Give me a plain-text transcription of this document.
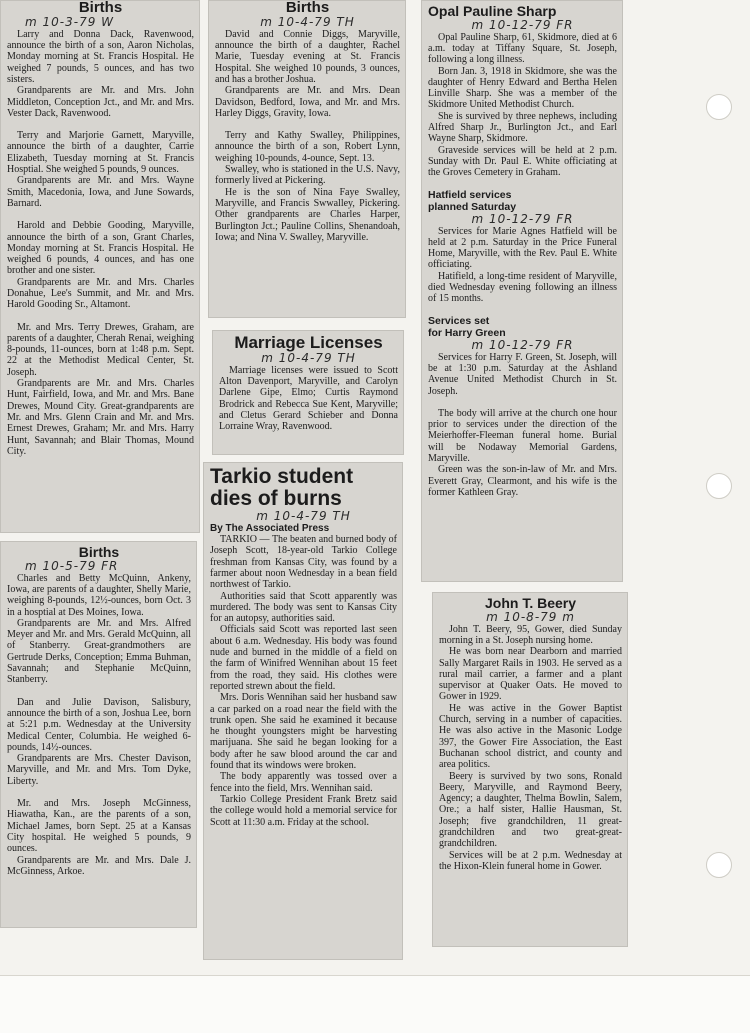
Births

m 10-3-79 W

Larry and Donna Dack, Ravenwood, announce the birth of a son, Aaron Nicholas, Monday morning at St. Francis Hospital. He weighed 7 pounds, 5 ounces, and has two sisters.

Grandparents are Mr. and Mrs. John Middleton, Conception Jct., and Mr. and Mrs. Vester Dack, Ravenwood.

Terry and Marjorie Garnett, Maryville, announce the birth of a daughter, Carrie Elizabeth, Tuesday morning at St. Francis Hosptial. She weighed 5 pounds, 9 ounces.

Grandparents are Mr. and Mrs. Wayne Smith, Macedonia, Iowa, and June Sowards, Barnard.

Harold and Debbie Gooding, Maryville, announce the birth of a son, Grant Charles, Monday morning at St. Francis Hospital. He weighed 6 pounds, 4 ounces, and has one brother and one sister.

Grandparents are Mr. and Mrs. Charles Donahue, Lee's Summit, and Mr. and Mrs. Harold Gooding Sr., Altamont.

Mr. and Mrs. Terry Drewes, Graham, are parents of a daughter, Cherah Renai, weighing 8-pounds, 11-ounces, born at 1:48 p.m. Sept. 22 at the Methodist Medical Center, St. Joseph.

Grandparents are Mr. and Mrs. Charles Hunt, Fairfield, Iowa, and Mr. and Mrs. Bane Drewes, Mound City. Great-grandparents are Mr. and Mrs. Glenn Crain and Mr. and Mrs. Ernest Drewes, Graham; Mr. and Mrs. Harry Hunt, Savannah; and Blair Thomas, Mound City.

Births

m 10-5-79 FR

Charles and Betty McQuinn, Ankeny, Iowa, are parents of a daughter, Shelly Marie, weighing 8-pounds, 12½-ounces, born Oct. 3 in a hosptial at Des Moines, Iowa.

Grandparents are Mr. and Mrs. Alfred Meyer and Mr. and Mrs. Gerald McQuinn, all of Stanberry. Great-grandmothers are Gertrude Derks, Conception; Emma Buhman, Savannah; and Stephanie McQuinn, Stanberry.

Dan and Julie Davison, Salisbury, announce the birth of a son, Joshua Lee, born at 5:21 p.m. Wednesday at the University Medical Center, Columbia. He weighed 6-pounds, 14½-ounces.

Grandparents are Mrs. Chester Davison, Maryville, and Mr. and Mrs. Tom Dyke, Liberty.

Mr. and Mrs. Joseph McGinness, Hiawatha, Kan., are the parents of a son, Michael James, born Sept. 25 at a Kansas City hospital. He weighed 5 pounds, 9 ounces.

Grandparents are Mr. and Mrs. Dale J. McGinness, Arkoe.

Births

m 10-4-79 TH

David and Connie Diggs, Maryville, announce the birth of a daughter, Rachel Marie, Tuesday evening at St. Francis Hospital. She weighed 10 pounds, 3 ounces, and has a brother Joshua.

Grandparents are Mr. and Mrs. Dean Davidson, Bedford, Iowa, and Mr. and Mrs. Harley Diggs, Gravity, Iowa.

Terry and Kathy Swalley, Philippines, announce the birth of a son, Robert Lynn, weighing 10-pounds, 4-ounce, Sept. 13.

Swalley, who is stationed in the U.S. Navy, formerly lived at Pickering.

He is the son of Nina Faye Swalley, Maryville, and Francis Swwalley, Pickering. Other grandparents are Charles Harper, Burlington Jct.; Pauline Collins, Shenandoah, Iowa; and Nina V. Swalley, Maryville.

Marriage Licenses

m 10-4-79 TH

Marriage licenses were issued to Scott Alton Davenport, Maryville, and Carolyn Darlene Gipe, Elmo; Curtis Raymond Brodrick and Rebecca Sue Kent, Maryville; and Cletus Gerard Schieber and Donna Lorraine Wray, Ravenwood.

Tarkio student

dies of burns

m 10-4-79 TH

By The Associated Press

TARKIO — The beaten and burned body of Joseph Scott, 18-year-old Tarkio College freshman from Kansas City, was found by a farmer about noon Wednesday in a bean field northwest of Tarkio.

Authorities said that Scott apparently was murdered. The body was sent to Kansas City for an autopsy, authorities said.

Officials said Scott was reported last seen about 6 a.m. Wednesday. His body was found nude and burned in the middle of a field on the farm of Winifred Wennihan about 15 feet from the road, they said. His clothes were reported strewn about the field.

Mrs. Doris Wennihan said her husband saw a car parked on a road near the field with the trunk open. She said he examined it because he thought youngsters might be harvesting marijuana. She said he began looking for a body after he saw blood around the car and found that its windows were broken.

The body apparently was tossed over a fence into the field, Mrs. Wennihan said.

Tarkio College President Frank Bretz said the college would hold a memorial service for Scott at 11:30 a.m. Friday at the school.

Opal Pauline Sharp

m 10-12-79 FR

Opal Pauline Sharp, 61, Skidmore, died at 6 a.m. today at Tiffany Square, St. Joseph, following a long illness.

Born Jan. 3, 1918 in Skidmore, she was the daughter of Henry Edward and Bertha Helen Linville Sharp. She was a member of the Skidmore United Methodist Church.

She is survived by three nephews, including Alfred Sharp Jr., Burlington Jct., and Earl Wayne Sharp, Skidmore.

Graveside services will be held at 2 p.m. Sunday with Dr. Paul E. White officiating at the Groves Cemetery in Graham.

Hatfield services

planned Saturday

m 10-12-79 FR

Services for Marie Agnes Hatfield will be held at 2 p.m. Saturday in the Price Funeral Home, Maryville, with the Rev. Paul E. White officiating.

Hatifield, a long-time resident of Maryville, died Wednesday evening following an illness of 15 months.

Services set

for Harry Green

m 10-12-79 FR

Services for Harry F. Green, St. Joseph, will be at 1:30 p.m. Saturday at the Ashland Avenue United Methodist Church in St. Joseph.

The body will arrive at the church one hour prior to services under the direction of the Meierhoffer-Fleeman funeral home. Burial will be Nodaway Memorial Gardens, Maryville.

Green was the son-in-law of Mr. and Mrs. Everett Gray, Clearmont, and his wife is the former Kathleen Gray.

John T. Beery

m 10-8-79 m

John T. Beery, 95, Gower, died Sunday morning in a St. Joseph nursing home.

He was born near Dearborn and married Sally Margaret Rails in 1903. He served as a rural mail carrier, a farmer and a plant supervisor at Quaker Oats. He moved to Gower in 1929.

He was active in the Gower Baptist Church, serving in a number of capacities. He was also active in the Masonic Lodge 397, the Gower Fire Association, the East Buchanan school district, and county and area politics.

Beery is survived by two sons, Ronald Beery, Maryville, and Raymond Beery, Agency; a daughter, Thelma Bowlin, Salem, Ore.; a half sister, Hallie Hausman, St. Joseph; five grandchildren, 11 great-grandchildren and two great-great-grandchildren.

Services will be at 2 p.m. Wednesday at the Hixon-Klein funeral home in Gower.
